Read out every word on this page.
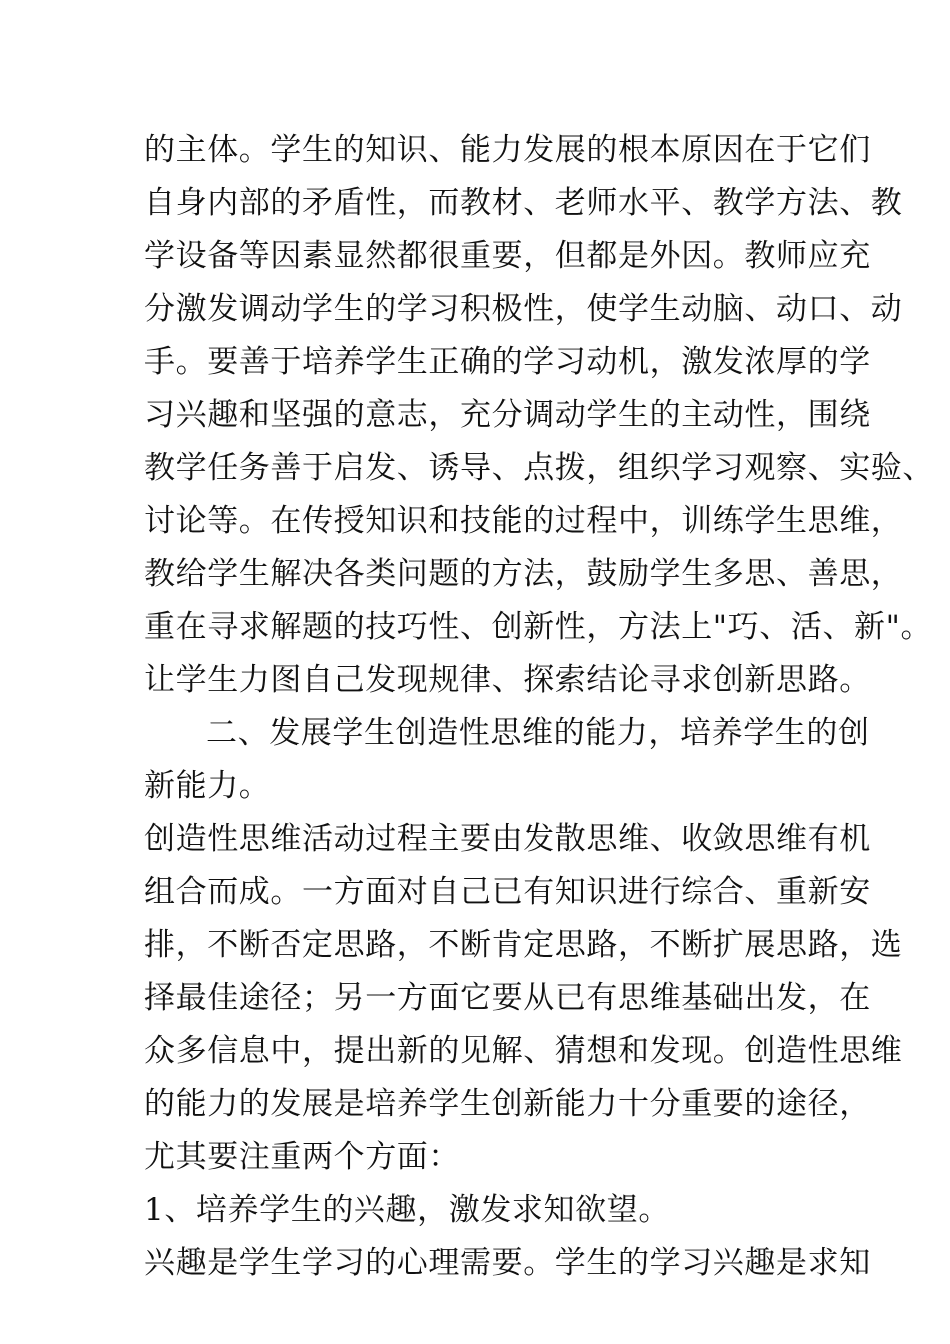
的主体。学生的知识、能力发展的根本原因在于它们
自身内部的矛盾性，而教材、老师水平、教学方法、教
学设备等因素显然都很重要，但都是外因。教师应充
分激发调动学生的学习积极性，使学生动脑、动口、动
手。要善于培养学生正确的学习动机，激发浓厚的学
习兴趣和坚强的意志，充分调动学生的主动性，围绕
教学任务善于启发、诱导、点拨，组织学习观察、实验、
讨论等。在传授知识和技能的过程中，训练学生思维，
教给学生解决各类问题的方法，鼓励学生多思、善思，
重在寻求解题的技巧性、创新性，方法上"巧、活、新"。
让学生力图自己发现规律、探索结论寻求创新思路。
二、发展学生创造性思维的能力，培养学生的创
新能力。
创造性思维活动过程主要由发散思维、收敛思维有机
组合而成。一方面对自己已有知识进行综合、重新安
排，不断否定思路，不断肯定思路，不断扩展思路，选
择最佳途径；另一方面它要从已有思维基础出发，在
众多信息中，提出新的见解、猜想和发现。创造性思维
的能力的发展是培养学生创新能力十分重要的途径，
尤其要注重两个方面：
1、培养学生的兴趣，激发求知欲望。
兴趣是学生学习的心理需要。学生的学习兴趣是求知
